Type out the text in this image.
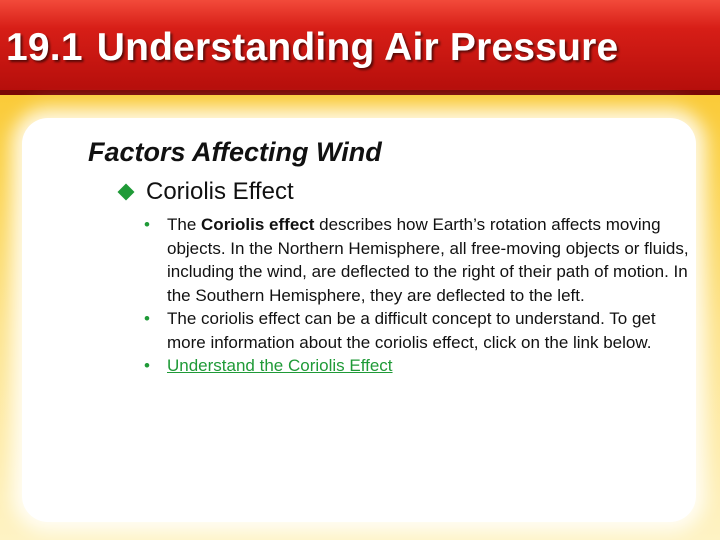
19.1 Understanding Air Pressure
Factors Affecting Wind
Coriolis Effect
• The Coriolis effect describes how Earth’s rotation affects moving objects. In the Northern Hemisphere, all free-moving objects or fluids, including the wind, are deflected to the right of their path of motion. In the Southern Hemisphere, they are deflected to the left.
• The coriolis effect can be a difficult concept to understand. To get more information about the coriolis effect, click on the link below.
• Understand the Coriolis Effect
